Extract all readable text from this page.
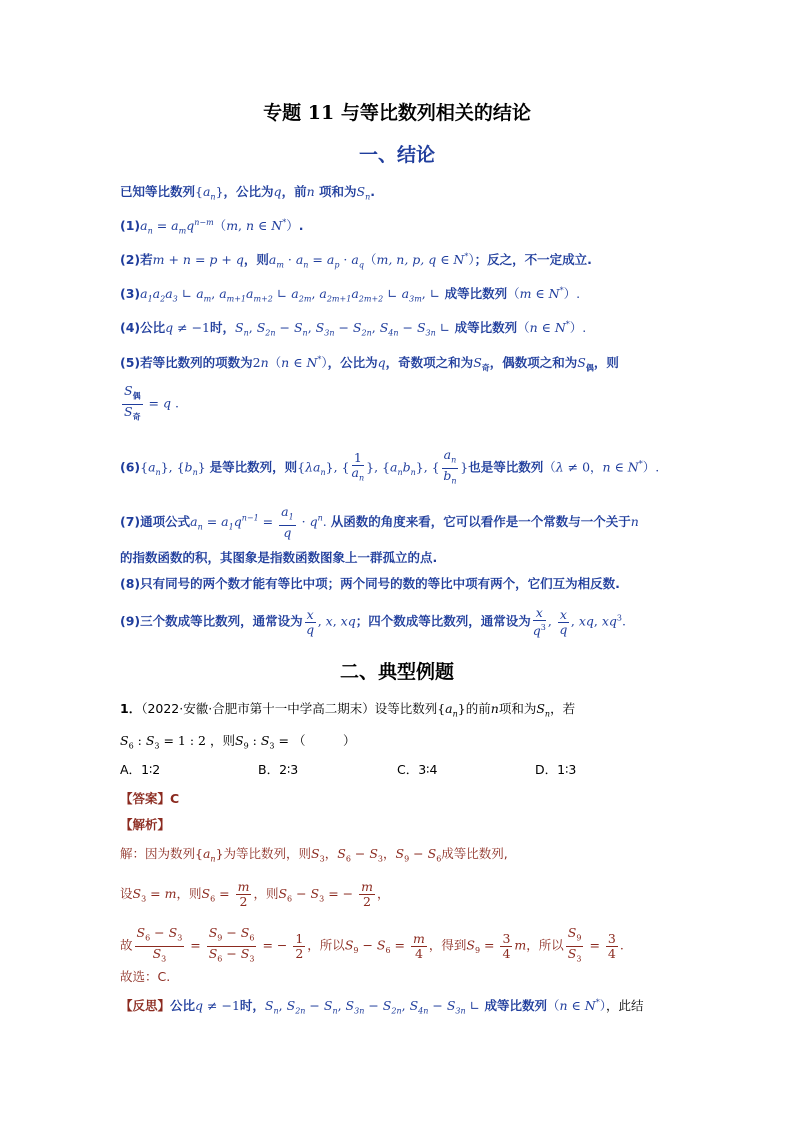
专题 11 与等比数列相关的结论
一、结论
已知等比数列$\{a_n\}$，公比为q，前n 项和为$S_n$.
$(1)a_n = a_mq^{n-m}(m$, n ∈ N*）.
(2)若m + n = p + q，则$a_m \cdot a_n = a_p \cdot a_q(m$, n, p, q ∈ N*）；反之，不一定成立.
$(3)a_1a_2a_3$ ∟ $a_m$, $a_{m+1}a_{m+2}$ ∟ $a_{2m}$, $a_{2m+1}a_{2m+2}$ ∟ $a_{3m}$, ∟ 成等比数列（m ∈ N*）.
(4)公比q ≠ −1时，$S_n$, $S_{2n} - S_n$, $S_{3n} - S_{2n}$, $S_{4n} - S_{3n}$ ∟ 成等比数列（n ∈ N*）.
(5)若等比数列的项数为2n（n ∈ N*），公比为q，奇数项之和为$S_奇$，偶数项之和为$S_偶$，则
$\frac{S_偶}{S_奇} = q$ .
$(6)\{a_n\}$, $\{b_n\}$ 是等比数列，则$\{\lambda a_n\}$, { $\frac{1}{a_n}$ }, $\{a_nb_n\}$, { $\frac{a_n}{b_n}$ }也是等比数列（λ ≠ 0，n ∈ N*）.
(7)通项公式$a_n = a_1q^{n-1} = \frac{a_1}{q} \cdot q^n$. 从函数的角度来看，它可以看作是一个常数与一个关于n
的指数函数的积，其图象是指数函数图象上一群孤立的点.
(8)只有同号的两个数才能有等比中项；两个同号的数的等比中项有两个，它们互为相反数.
(9)三个数成等比数列，通常设为 $\frac{x}{q}$ , x, xq；四个数成等比数列，通常设为 $\frac{x}{q^3}$ , $\frac{x}{q}$ , xq, $xq^3$.
二、典型例题
1．（2022·安徽·合肥市第十一中学高二期末）设等比数列$\{a_n\}$的前n项和为$S_n$，若
$S_6$ : $S_3 = 1$ : 2 ，则$S_9$ : $S_3$ = （　　　）
A．1∶2	B．2∶3	C．3∶4	D．1∶3
【答案】C
【解析】
解：因为数列$\{a_n\}$为等比数列，则$S_3$，$S_6 - S_3$，$S_9 - S_6$成等比数列,
设$S_3 = m$，则$S_6 = \frac{m}{2}$ ，则$S_6 - S_3$ = − $\frac{m}{2}$ ，
故 $\frac{S_6 - S_3}{S_3} = \frac{S_9 - S_6}{S_6 - S_3}$ = − $\frac{1}{2}$ ，所以$S_9 - S_6 = \frac{m}{4}$ ，得到$S_9 = \frac{3}{4}$ m，所以 $\frac{S_9}{S_3} = \frac{3}{4}$ .
故选：C.
【反思】公比q ≠ −1时，$S_n$, $S_{2n} - S_n$, $S_{3n} - S_{2n}$, $S_{4n} - S_{3n}$ ∟ 成等比数列（n ∈ N*），此结
